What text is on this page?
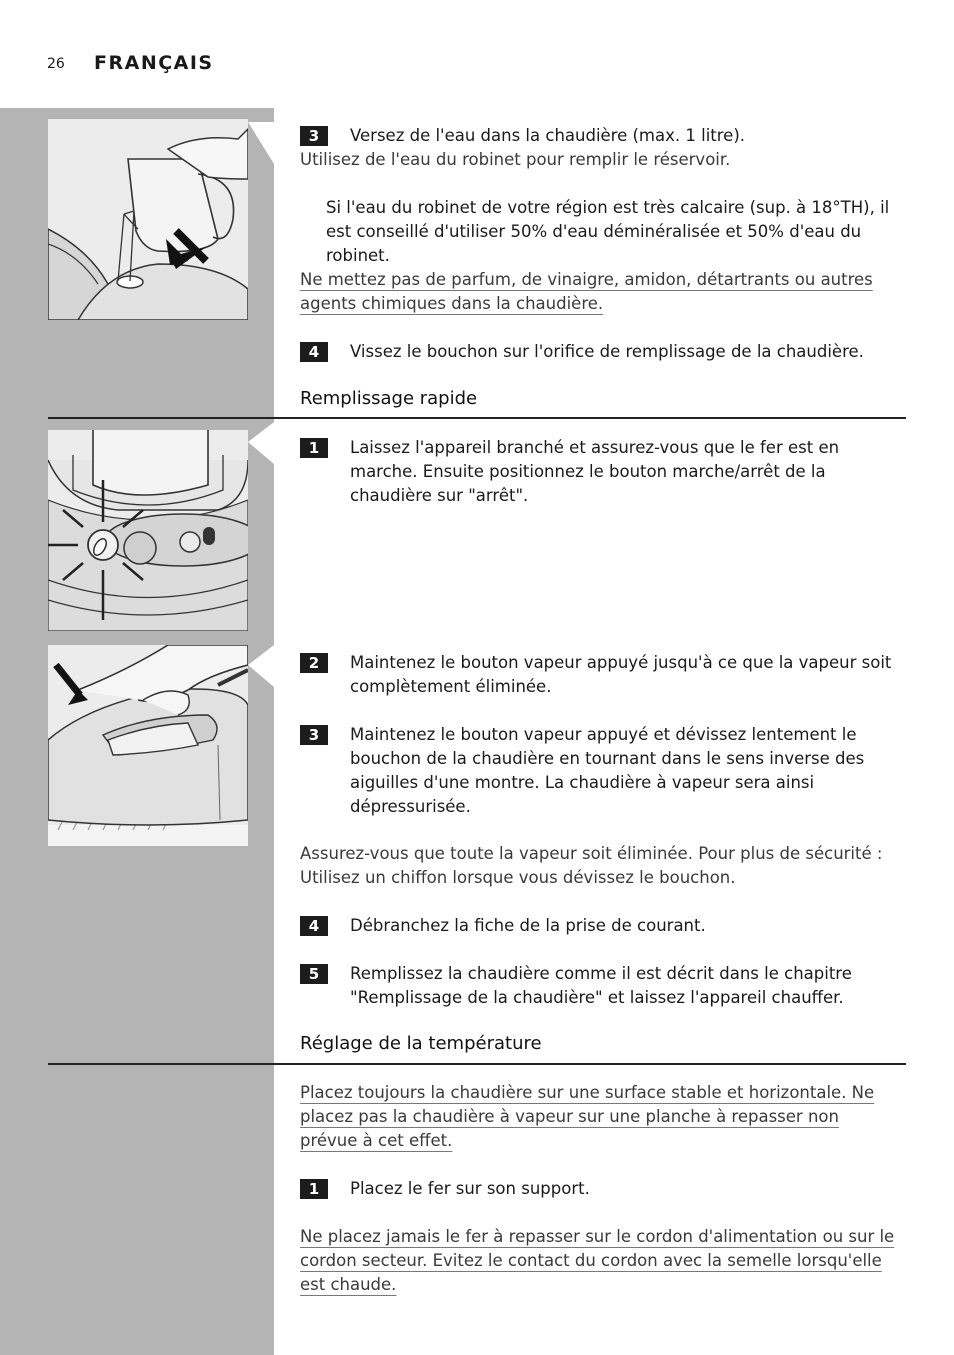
26 FRANÇAIS
3	Versez de l'eau dans la chaudière (max. 1 litre).
Utilisez de l'eau du robinet pour remplir le réservoir.
Si l'eau du robinet de votre région est très calcaire (sup. à 18°TH), il est conseillé d'utiliser 50% d'eau déminéralisée et 50% d'eau du robinet.
Ne mettez pas de parfum, de vinaigre, amidon, détartrants ou autres agents chimiques dans la chaudière.
4	Vissez le bouchon sur l'orifice de remplissage de la chaudière.
Remplissage rapide
1	Laissez l'appareil branché et assurez-vous que le fer est en marche. Ensuite positionnez le bouton marche/arrêt de la chaudière sur "arrêt".
2	Maintenez le bouton vapeur appuyé jusqu'à ce que la vapeur soit complètement éliminée.
3	Maintenez le bouton vapeur appuyé et dévissez lentement le bouchon de la chaudière en tournant dans le sens inverse des aiguilles d'une montre. La chaudière à vapeur sera ainsi dépressurisée.
Assurez-vous que toute la vapeur soit éliminée. Pour plus de sécurité : Utilisez un chiffon lorsque vous dévissez le bouchon.
4	Débranchez la fiche de la prise de courant.
5	Remplissez la chaudière comme il est décrit dans le chapitre "Remplissage de la chaudière" et laissez l'appareil chauffer.
Réglage de la température
Placez toujours la chaudière sur une surface stable et horizontale. Ne placez pas la chaudière à vapeur sur une planche à repasser non prévue à cet effet.
1	Placez le fer sur son support.
Ne placez jamais le fer à repasser sur le cordon d'alimentation ou sur le cordon secteur. Evitez le contact du cordon avec la semelle lorsqu'elle est chaude.
